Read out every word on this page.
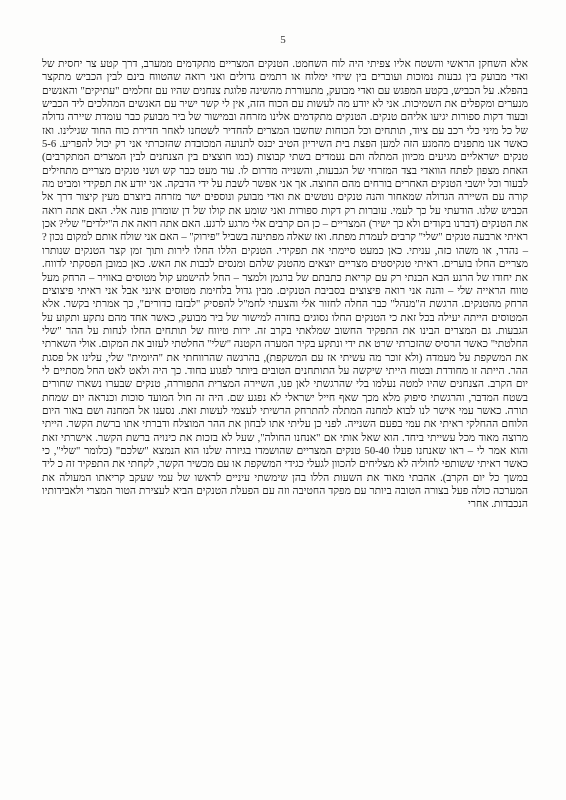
5

אלא השחקן הראשי והשטח אליו צפיתי היה לוח השחמט. הטנקים המצריים מתקדמים ממערב, דרך קטע צר יחסית של ואדי מבועק בין גבעות נמוכות ועוברים בין שיחי ימלוח או רתמים גדולים ואני רואה שהטווח בינם לבין הכביש מתקצר בהפלא. על הכביש, בקטע המפגש עם ואדי מבועק, מתעוררת מהשינה פלוגת צנחנים שהיו עם זחלמים "עתיקים" והאנשים מנערים ומקפלים את השמיכות. אני לא יודע מה לעשות עם הכוח הזה, אין לי קשר ישיר עם האנשים המהלכים ליד הכביש ובעוד דקות ספורות יגיעו אליהם טנקים. הטנקים מתקדמים אלינו מזרחה ובמישור של ביר מבועק כבר עומדת שיירה גדולה של כל מיני כלי רכב עם ציוד, תותחים וכל הכוחות שחשבו המצרים להחדיר לשטחנו לאחר חדירת כוח החוד שגילינו. ואז כאשר אנו מתפנים מהמגע הזה למען הפצת בית השיריון הטיב יכנס לתנועה המכובדת שהזכרתי אני רק יכול להפריע. 5-6 טנקים ישראליים מגיעים מכיוון המתלה והם נעמדים בשתי קבוצות (כמו חוצצים בין הצנחנים לבין המצרים המתקרבים) האחת מצפון לפתח הוואדי בצד המזרחי של הגבעות, והשנייה מדרום לו. עוד מעט כבר קש ושני טנקים מצריים מתחילים לבעור וכל יושבי הטנקים האחרים בורחים מהם החוצה. אך אני אפשר לשבת על ידי הדבקה. אני יודע את תפקידי ומביט מה קורה עם השיירה הגדולה שמאחור והנה טנקים נוטשים את ואדי מבועק ונוספים ישר מזרחה ביוצרם מעין קיצור דרך אל הכביש שלנו. הודעתי על כך לעמי. עוברות רק דקות ספורות ואני שומע את קולו של דן שומרון פונה אלי. האם אתה רואה את הטנקים (דברנו בקודים ולא כך ישיר) המצריים – כן הם קרבים אלי מרגע לרגע. האם אתה רואה את ה"ילדים" שלי? אכן ראיתי ארבעה טנקים "שלי" קרבים לעמדת מפתח. ואז שאלה מפתיעה בשביל "פירוק" – האם אני שולח אותם למקום נכון ? – נהדר, או משהו כזה, עניתי. כאן כמעט סיימתי את תפקידי. הטנקים הללו החלו לירות ותוך זמן קצר הטנקים שנותרו מצריים החלו בוערים. ראיתי טנקיסטים מצריים יוצאים מהטנק שלהם ומנסים לכבות את האש. כאן כמובן הפסקתי לדווח. את יחודו של הרגע הבא הבנתי רק עם קריאת כתבתם של ברגמן ולמצר – החל להישמע קול מטוסים באוויר – הרחק מעל טווח הראייה שלי – והנה אני רואה פיצוצים בסביבת הטנקים. מבין גדול בלחימת מטוסים אינני אבל אני ראיתי פיצוצים הרחק מהטנקים. הרגשת ה"מנהל" כבר החלה לחזור אלי והצעתי לחמ"ל להפסיק "לבזבז כדורים", כך אמרתי בקשר. אלא המטוסים הייתה יעילה בכל זאת כי הטנקים החלו נסוגים בחזרה למישור של ביר מבועק, כאשר אחד מהם נתקע ותקוע על הגבעות. גם המצרים הבינו את התפקיד החשוב שמלאתי בקרב זה. ירות טיווח של תותחים החלו לנחות על ההר "שלי החלטתי" כאשר הרסיס שהזכרתי שרט את ידי ונתקע בקיר המערה הקטנה "שלי" החלטתי לעזוב את המקום. אולי השארתי את המשקפת על מעמדה (ולא זוכר מה עשיתי אז עם המשקפת), בהרגשה שהרווחתי את "היומית" שלי, עלינו אל פסגת ההר. הייתה זו מחודדת ובטוח הייתי שיקשה על התותחנים הטובים ביותר לפגוע בחוד. כך היה ולאט לאט החל מסתיים לי יום הקרב. הצנחנים שהיו למטה נעלמו בלי שהרגשתי לאן פנו, השיירה המצרית התפוררה, טנקים שבערו נשארו שחורים בשטח המדבר, והרגשתי סיפוק מלא מכך שאף חייל ישראלי לא נפגע שם. היה זה חול המועד סוכות וכנראה יום שמחת תורה. כאשר עמי אישר לנו לבוא למחנה המתלה להתרחק הרשיתי לעצמי לעשות זאת. נסענו אל המחנה ושם באור היום הלוחם ההחלקי ראיתי את עמי בפעם השנייה. לפני כן עליתי אתו לבחון את ההר המוצלח ודברתי אתו ברשת הקשר. הייתי מרוצה מאוד מכל עשייתי ביחד. הוא שאל אותי אם "אנחנו החולה", שעל לא בזכות את כינויה ברשת הקשר. אישרתי זאת והוא אמר לי – ראו שאנחנו פעלו 50-40 טנקים המצריים שהושמדו בגיזרה שלנו הוא הנמצא "שלכם" (כלומר "שלי", כי כאשר ראיתי ששותפי לחוליה לא מצליחים להכוון לגעלי כגידי המשקפת או עם מכשיר הקשר, לקחתי את התפקיד זה כ ליד במשך כל יום הקרב). אהבתי מאוד את השעות הללו בהן שימשתי עיניים לראשו של עמי שעקב קריאתו המעולה את המערכה כולה פעל בצורה הטובה ביותר עם מפקד החטיבה וזה עם הפעלת הטנקים הביא לעצירת הטור המצרי ולאבידותיו הנכבדות. אחרי
